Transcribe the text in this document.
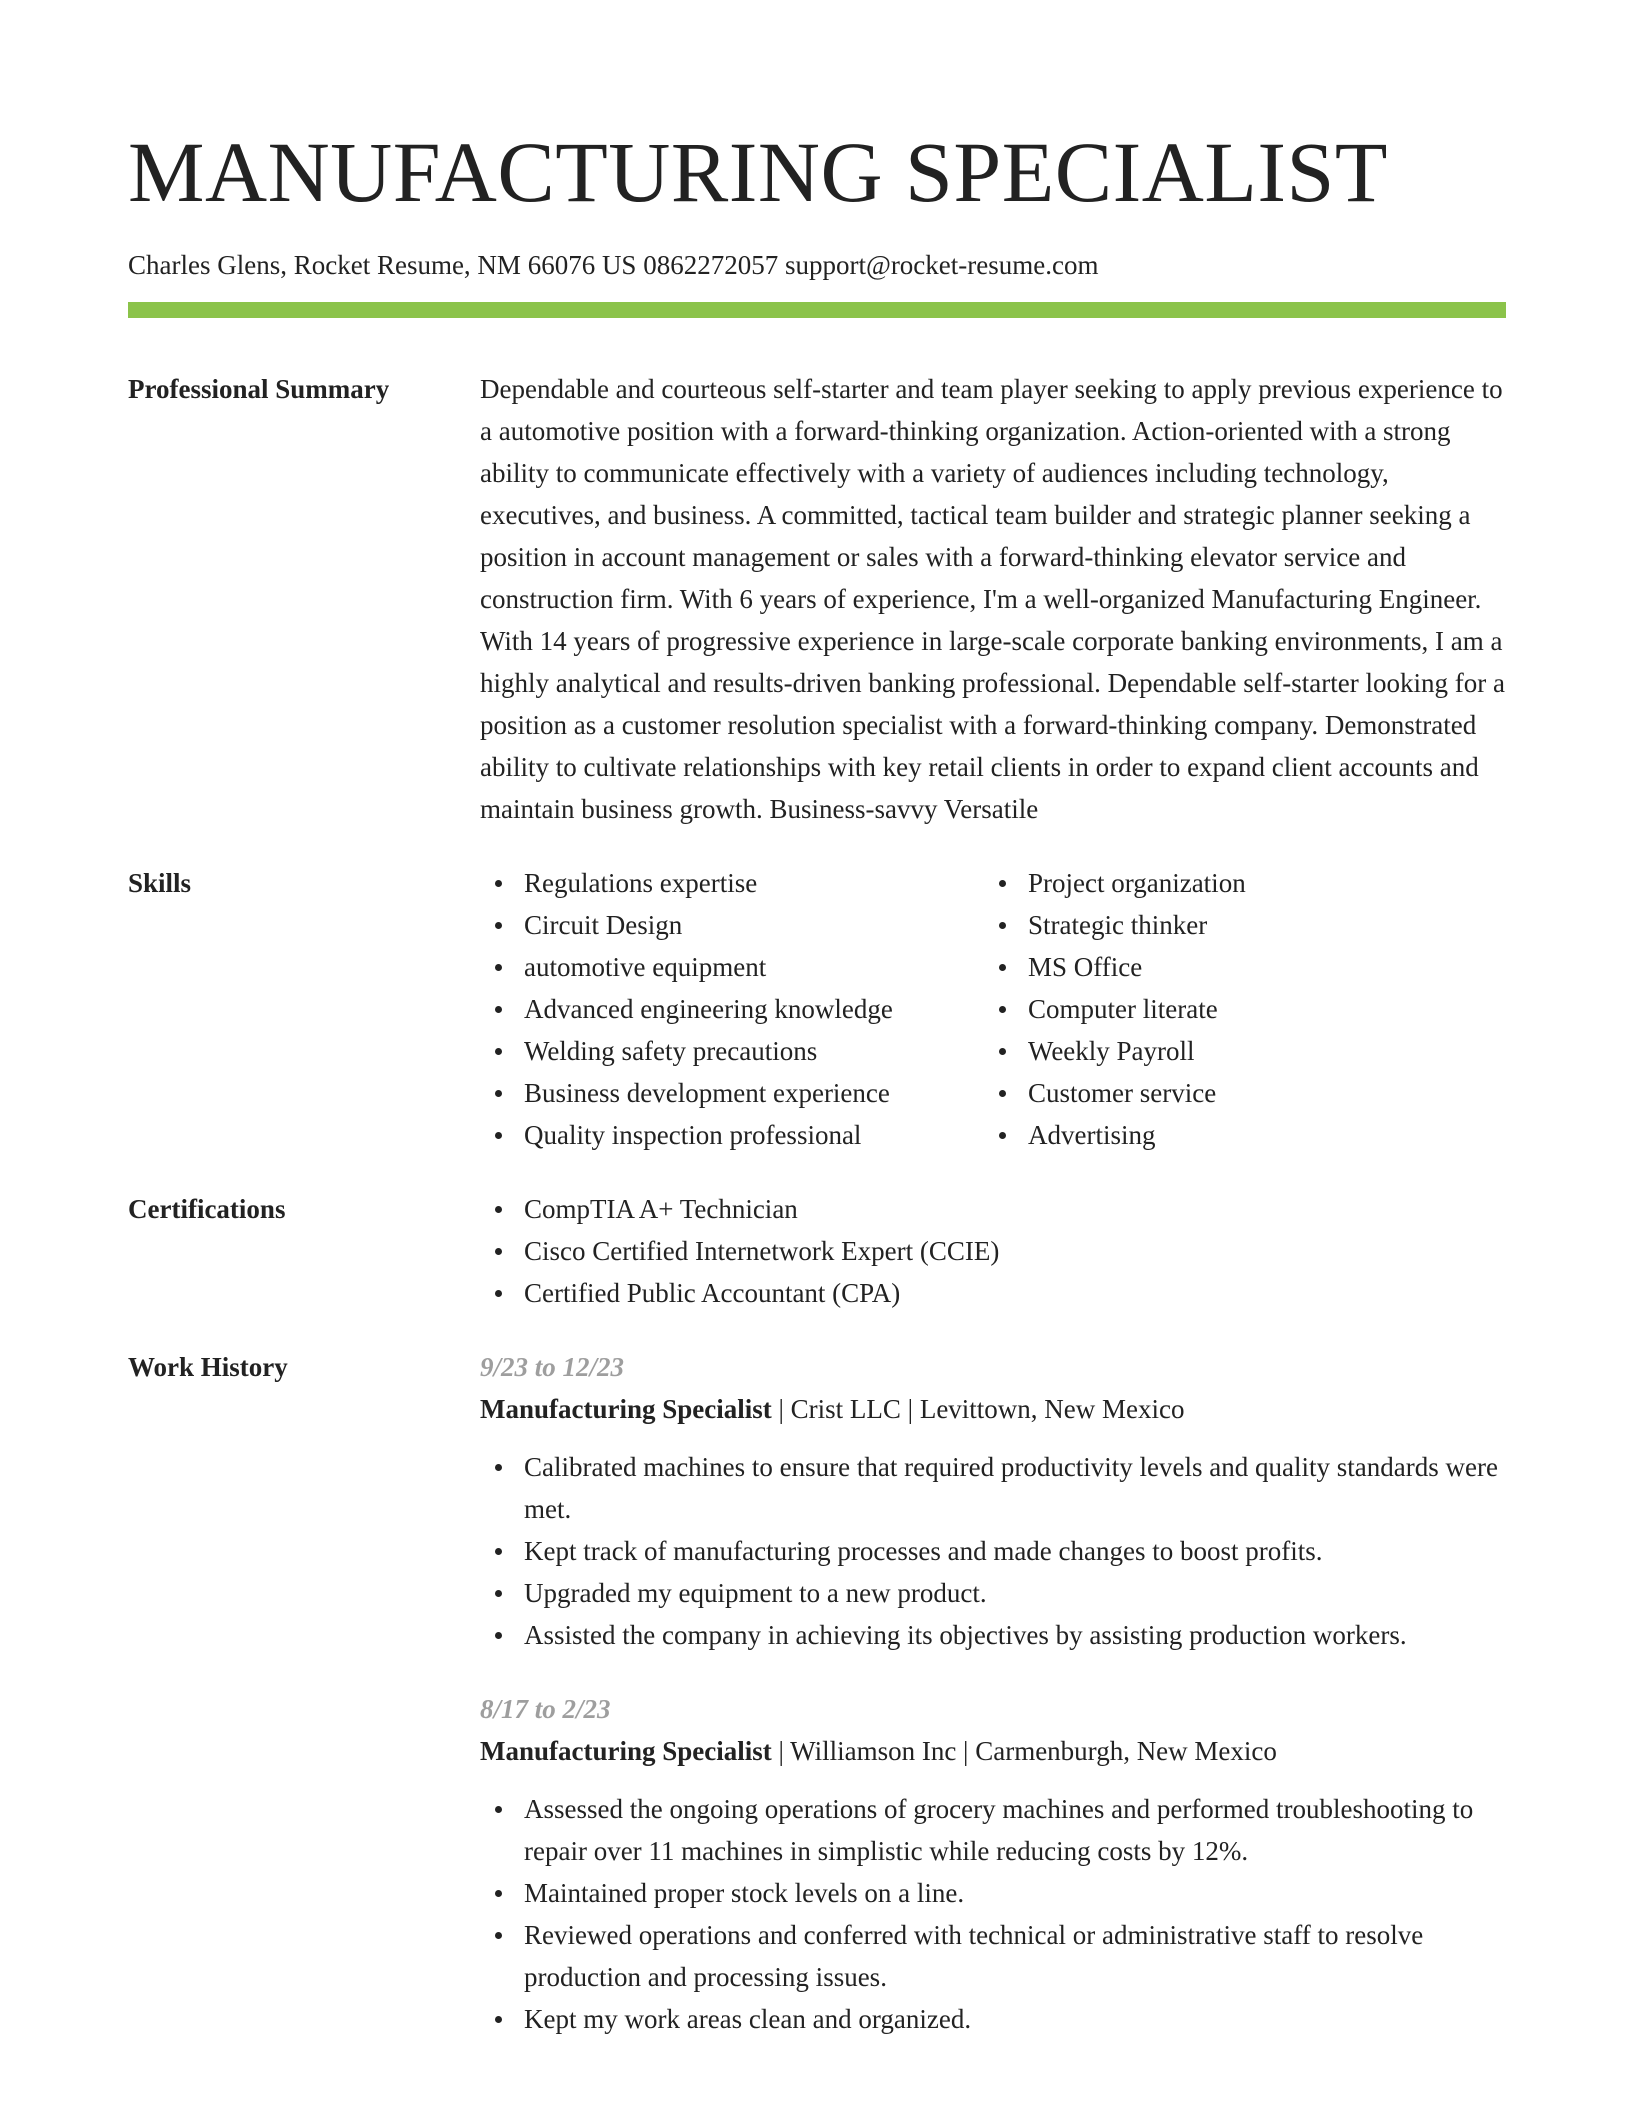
MANUFACTURING SPECIALIST
Charles Glens, Rocket Resume, NM 66076 US 0862272057 support@rocket-resume.com
Professional Summary	Dependable and courteous self-starter and team player seeking to apply previous experience to a automotive position with a forward-thinking organization. Action-oriented with a strong ability to communicate effectively with a variety of audiences including technology, executives, and business. A committed, tactical team builder and strategic planner seeking a position in account management or sales with a forward-thinking elevator service and construction firm. With 6 years of experience, I'm a well-organized Manufacturing Engineer. With 14 years of progressive experience in large-scale corporate banking environments, I am a highly analytical and results-driven banking professional. Dependable self-starter looking for a position as a customer resolution specialist with a forward-thinking company. Demonstrated ability to cultivate relationships with key retail clients in order to expand client accounts and maintain business growth. Business-savvy Versatile

Skills	Regulations expertise
Circuit Design
automotive equipment
Advanced engineering knowledge
Welding safety precautions
Business development experience
Quality inspection professional
Project organization
Strategic thinker
MS Office
Computer literate
Weekly Payroll
Customer service
Advertising
Certifications	CompTIA A+ Technician
Cisco Certified Internetwork Expert (CCIE)
Certified Public Accountant (CPA)
Work History	9/23 to 12/23
Manufacturing Specialist | Crist LLC | Levittown, New Mexico
Calibrated machines to ensure that required productivity levels and quality standards were met.
Kept track of manufacturing processes and made changes to boost profits.
Upgraded my equipment to a new product.
Assisted the company in achieving its objectives by assisting production workers.
8/17 to 2/23
Manufacturing Specialist | Williamson Inc | Carmenburgh, New Mexico
Assessed the ongoing operations of grocery machines and performed troubleshooting to repair over 11 machines in simplistic while reducing costs by 12%.
Maintained proper stock levels on a line.
Reviewed operations and conferred with technical or administrative staff to resolve production and processing issues.
Kept my work areas clean and organized.
